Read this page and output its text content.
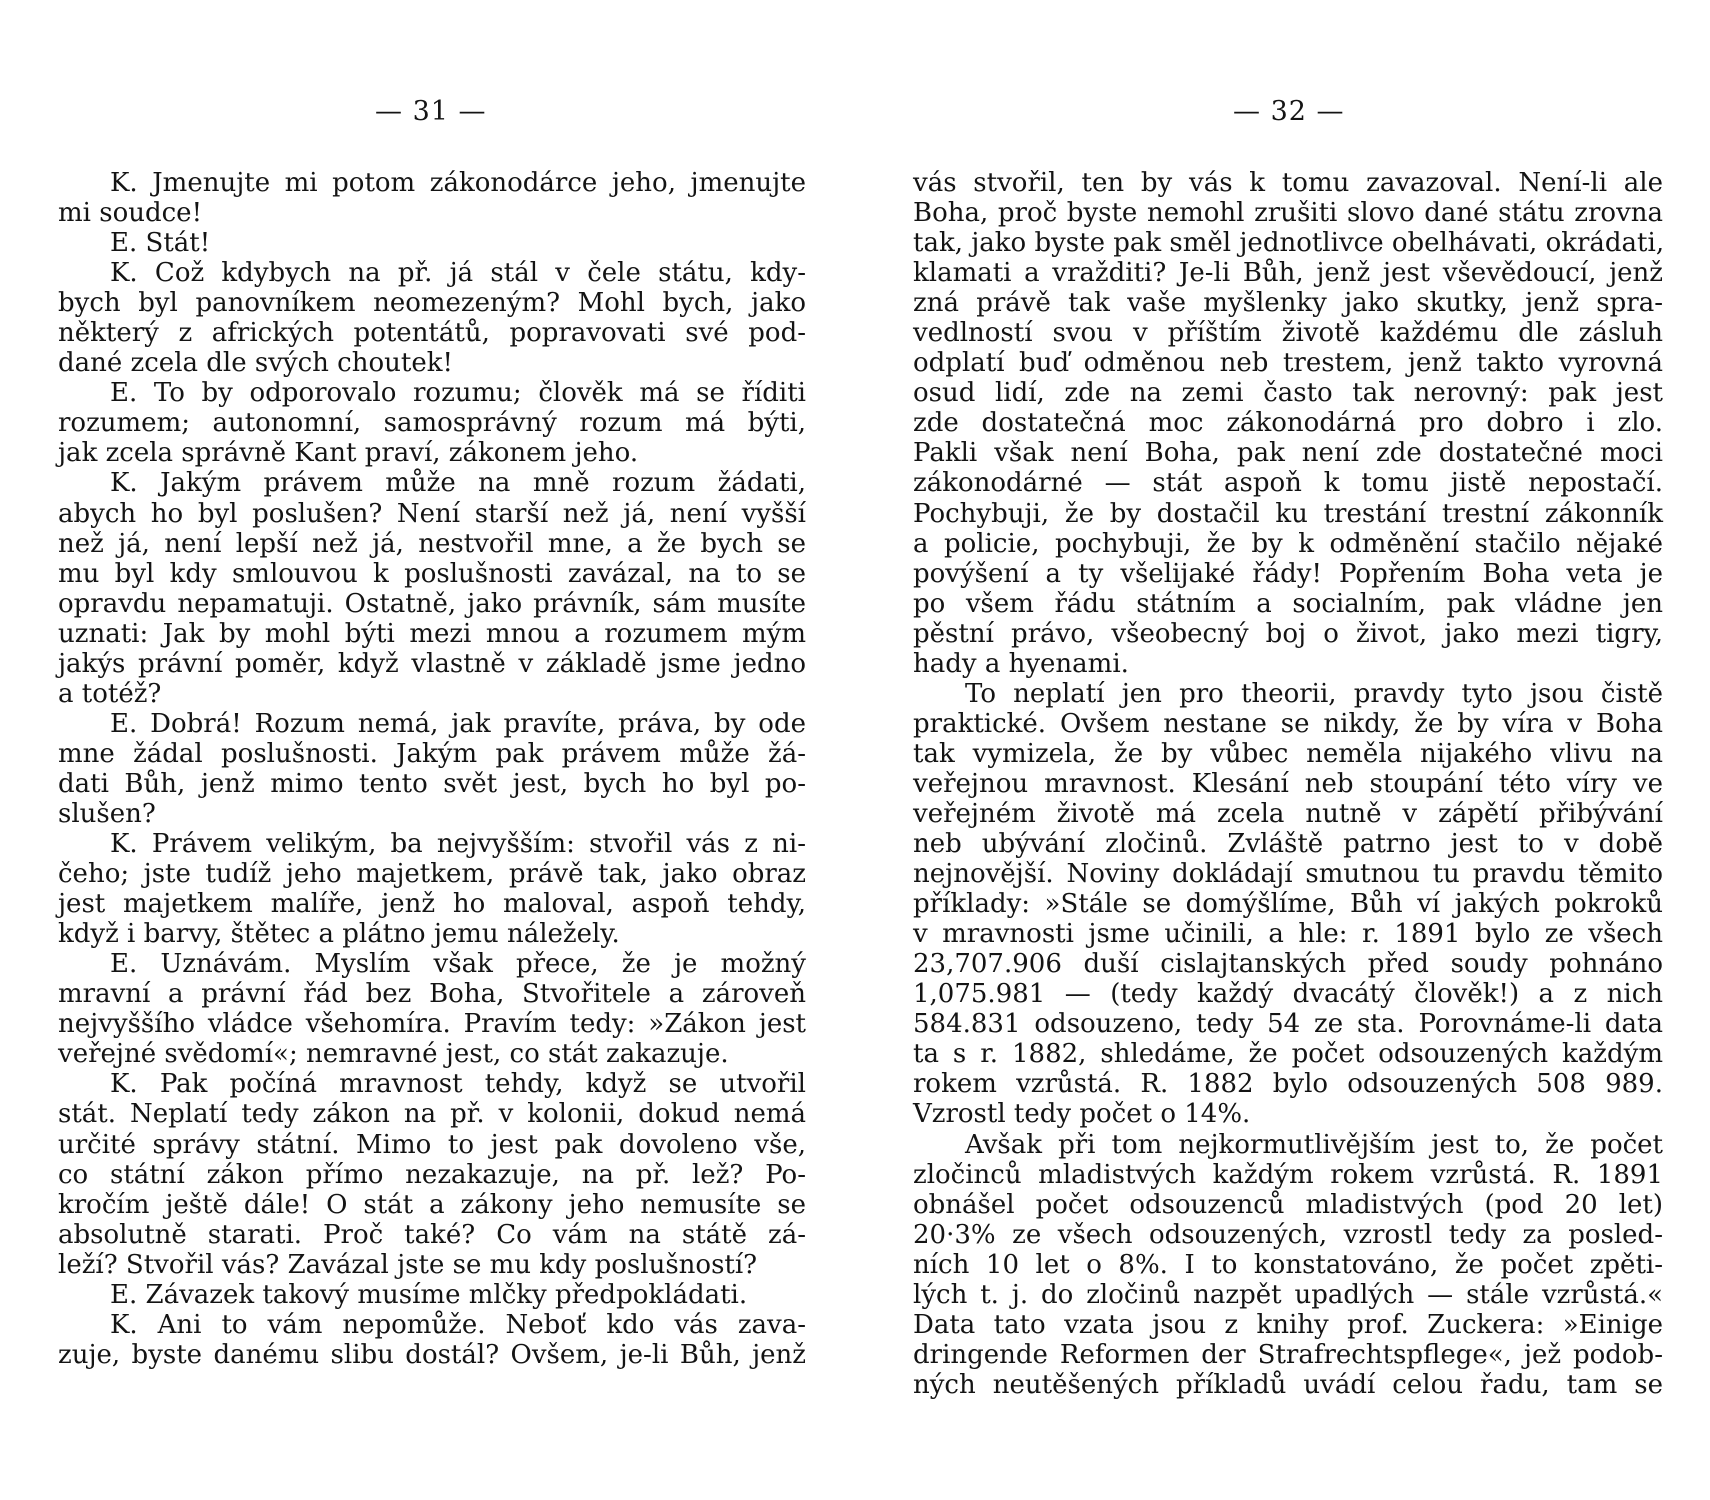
— 31 —
K. Jmenujte mi potom zákonodárce jeho, jmenujte
mi soudce!
E. Stát!
K. Což kdybych na př. já stál v čele státu, kdy-
bych byl panovníkem neomezeným? Mohl bych, jako
některý z afrických potentátů, popravovati své pod-
dané zcela dle svých choutek!
E. To by odporovalo rozumu; člověk má se říditi
rozumem; autonomní, samosprávný rozum má býti,
jak zcela správně Kant praví, zákonem jeho.
K. Jakým právem může na mně rozum žádati,
abych ho byl poslušen? Není starší než já, není vyšší
než já, není lepší než já, nestvořil mne, a že bych se
mu byl kdy smlouvou k poslušnosti zavázal, na to se
opravdu nepamatuji. Ostatně, jako právník, sám musíte
uznati: Jak by mohl býti mezi mnou a rozumem mým
jakýs právní poměr, když vlastně v základě jsme jedno
a totéž?
E. Dobrá! Rozum nemá, jak pravíte, práva, by ode
mne žádal poslušnosti. Jakým pak právem může žá-
dati Bůh, jenž mimo tento svět jest, bych ho byl po-
slušen?
K. Právem velikým, ba nejvyšším: stvořil vás z ni-
čeho; jste tudíž jeho majetkem, právě tak, jako obraz
jest majetkem malíře, jenž ho maloval, aspoň tehdy,
když i barvy, štětec a plátno jemu náležely.
E. Uznávám. Myslím však přece, že je možný
mravní a právní řád bez Boha, Stvořitele a zároveň
nejvyššího vládce všehomíra. Pravím tedy: »Zákon jest
veřejné svědomí«; nemravné jest, co stát zakazuje.
K. Pak počíná mravnost tehdy, když se utvořil
stát. Neplatí tedy zákon na př. v kolonii, dokud nemá
určité správy státní. Mimo to jest pak dovoleno vše,
co státní zákon přímo nezakazuje, na př. lež? Po-
kročím ještě dále! O stát a zákony jeho nemusíte se
absolutně starati. Proč také? Co vám na státě zá-
leží? Stvořil vás? Zavázal jste se mu kdy poslušností?
E. Závazek takový musíme mlčky předpokládati.
K. Ani to vám nepomůže. Neboť kdo vás zava-
zuje, byste danému slibu dostál? Ovšem, je-li Bůh, jenž
— 32 —
vás stvořil, ten by vás k tomu zavazoval. Není-li ale
Boha, proč byste nemohl zrušiti slovo dané státu zrovna
tak, jako byste pak směl jednotlivce obelhávati, okrádati,
klamati a vražditi? Je-li Bůh, jenž jest vševědoucí, jenž
zná právě tak vaše myšlenky jako skutky, jenž spra-
vedlností svou v příštím životě každému dle zásluh
odplatí buď odměnou neb trestem, jenž takto vyrovná
osud lidí, zde na zemi často tak nerovný: pak jest
zde dostatečná moc zákonodárná pro dobro i zlo.
Pakli však není Boha, pak není zde dostatečné moci
zákonodárné — stát aspoň k tomu jistě nepostačí.
Pochybuji, že by dostačil ku trestání trestní zákonník
a policie, pochybuji, že by k odměnění stačilo nějaké
povýšení a ty všelijaké řády! Popřením Boha veta je
po všem řádu státním a socialním, pak vládne jen
pěstní právo, všeobecný boj o život, jako mezi tigry,
hady a hyenami.
To neplatí jen pro theorii, pravdy tyto jsou čistě
praktické. Ovšem nestane se nikdy, že by víra v Boha
tak vymizela, že by vůbec neměla nijakého vlivu na
veřejnou mravnost. Klesání neb stoupání této víry ve
veřejném životě má zcela nutně v zápětí přibývání
neb ubývání zločinů. Zvláště patrno jest to v době
nejnovější. Noviny dokládají smutnou tu pravdu těmito
příklady: »Stále se domýšlíme, Bůh ví jakých pokroků
v mravnosti jsme učinili, a hle: r. 1891 bylo ze všech
23,707.906 duší cislajtanských před soudy pohnáno
1,075.981 — (tedy každý dvacátý člověk!) a z nich
584.831 odsouzeno, tedy 54 ze sta. Porovnáme-li data
ta s r. 1882, shledáme, že počet odsouzených každým
rokem vzrůstá. R. 1882 bylo odsouzených 508 989.
Vzrostl tedy počet o 14%.
Avšak při tom nejkormutlivějším jest to, že počet
zločinců mladistvých každým rokem vzrůstá. R. 1891
obnášel počet odsouzenců mladistvých (pod 20 let)
20·3% ze všech odsouzených, vzrostl tedy za posled-
ních 10 let o 8%. I to konstatováno, že počet zpěti-
lých t. j. do zločinů nazpět upadlých — stále vzrůstá.«
Data tato vzata jsou z knihy prof. Zuckera: »Einige
dringende Reformen der Strafrechtspflege«, jež podob-
ných neutěšených příkladů uvádí celou řadu, tam se
